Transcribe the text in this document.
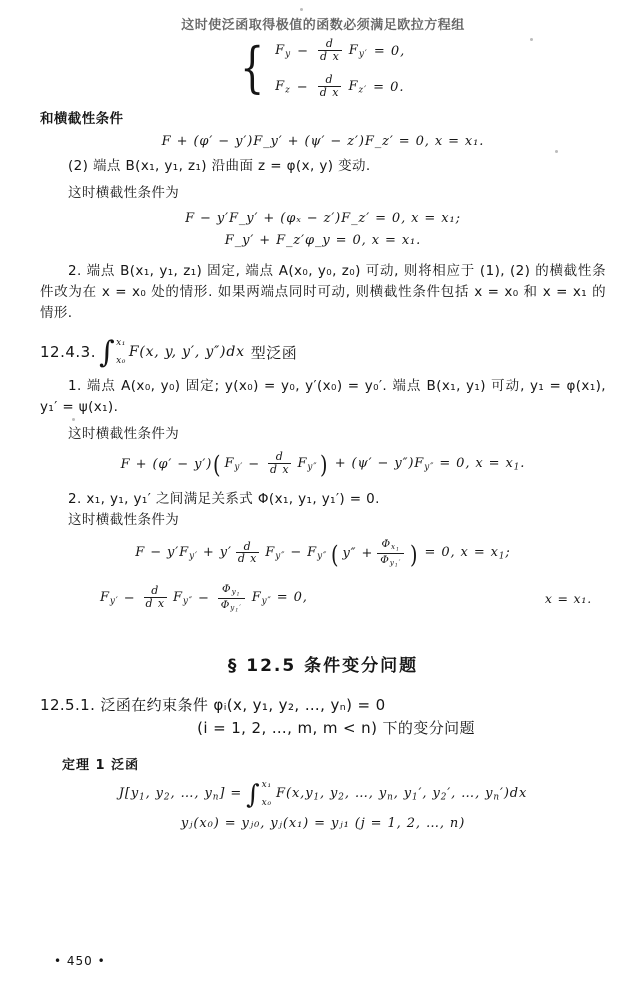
这时使泛函取得极值的函数必须满足欧拉方程组
{ $F_y - \frac{d}{\text{d x}} F_{y'} = 0$,
$F_z - \frac{d}{\text{d x}} F_{z'} = 0$.
和横截性条件
F + (φ′ − y′)F_y′ + (ψ′ − z′)F_z′ = 0, x = x₁.
(2) 端点 B(x₁, y₁, z₁) 沿曲面 z = φ(x, y) 变动.
这时横截性条件为
F − y′F_y′ + (φₓ − z′)F_z′ = 0, x = x₁;
F_y′ + F_z′φ_y = 0, x = x₁.
2. 端点 B(x₁, y₁, z₁) 固定, 端点 A(x₀, y₀, z₀) 可动, 则将相应于 (1), (2) 的横截性条件改为在 x = x₀ 处的情形. 如果两端点同时可动, 则横截性条件包括 x = x₀ 和 x = x₁ 的情形.
12.4.3. ∫ x₁
x₀
F(x, y, y′, y″)dx 型泛函
1. 端点 A(x₀, y₀) 固定; y(x₀) = y₀, y′(x₀) = y₀′. 端点 B(x₁, y₁) 可动, y₁ = φ(x₁), y₁′ = ψ(x₁).
这时横截性条件为
F + (φ′ − y′) ( $F_{y'} - \frac{d}{\text{d x}} F_{y''}$ ) + $(\psi' - y'')F_{y''} = 0$, $x = x_1$.
2. x₁, y₁, y₁′ 之间满足关系式 Φ(x₁, y₁, y₁′) = 0.
这时横截性条件为
$F - y'F_{y'} + y' \frac{d}{\text{d x}} F_{y''} - F_{y''}$ ( $y'' + \frac{\Phi_{x_1}}{\Phi_{y_1'}}$ ) = 0, $x = x_1$;
$F_{y'} - \frac{d}{\text{d x}} F_{y''} - \frac{\Phi_{y_1}}{\Phi_{y_1'}} F_{y''} = 0$,	x = x₁.
§ 12.5 条件变分问题
12.5.1. 泛函在约束条件 φᵢ(x, y₁, y₂, …, yₙ) = 0
(i = 1, 2, …, m, m < n) 下的变分问题
定理 1 泛函
$J[y_1$, $y_2$, …, $y_n$] = ∫ x₁
x₀
$F(x,y_1$, $y_2$, …, $y_n$, $y_1'$, $y_2'$, …, $y_n')dx$
yⱼ(x₀) = yⱼ₀, yⱼ(x₁) = yⱼ₁ (j = 1, 2, …, n)
• 450 •
